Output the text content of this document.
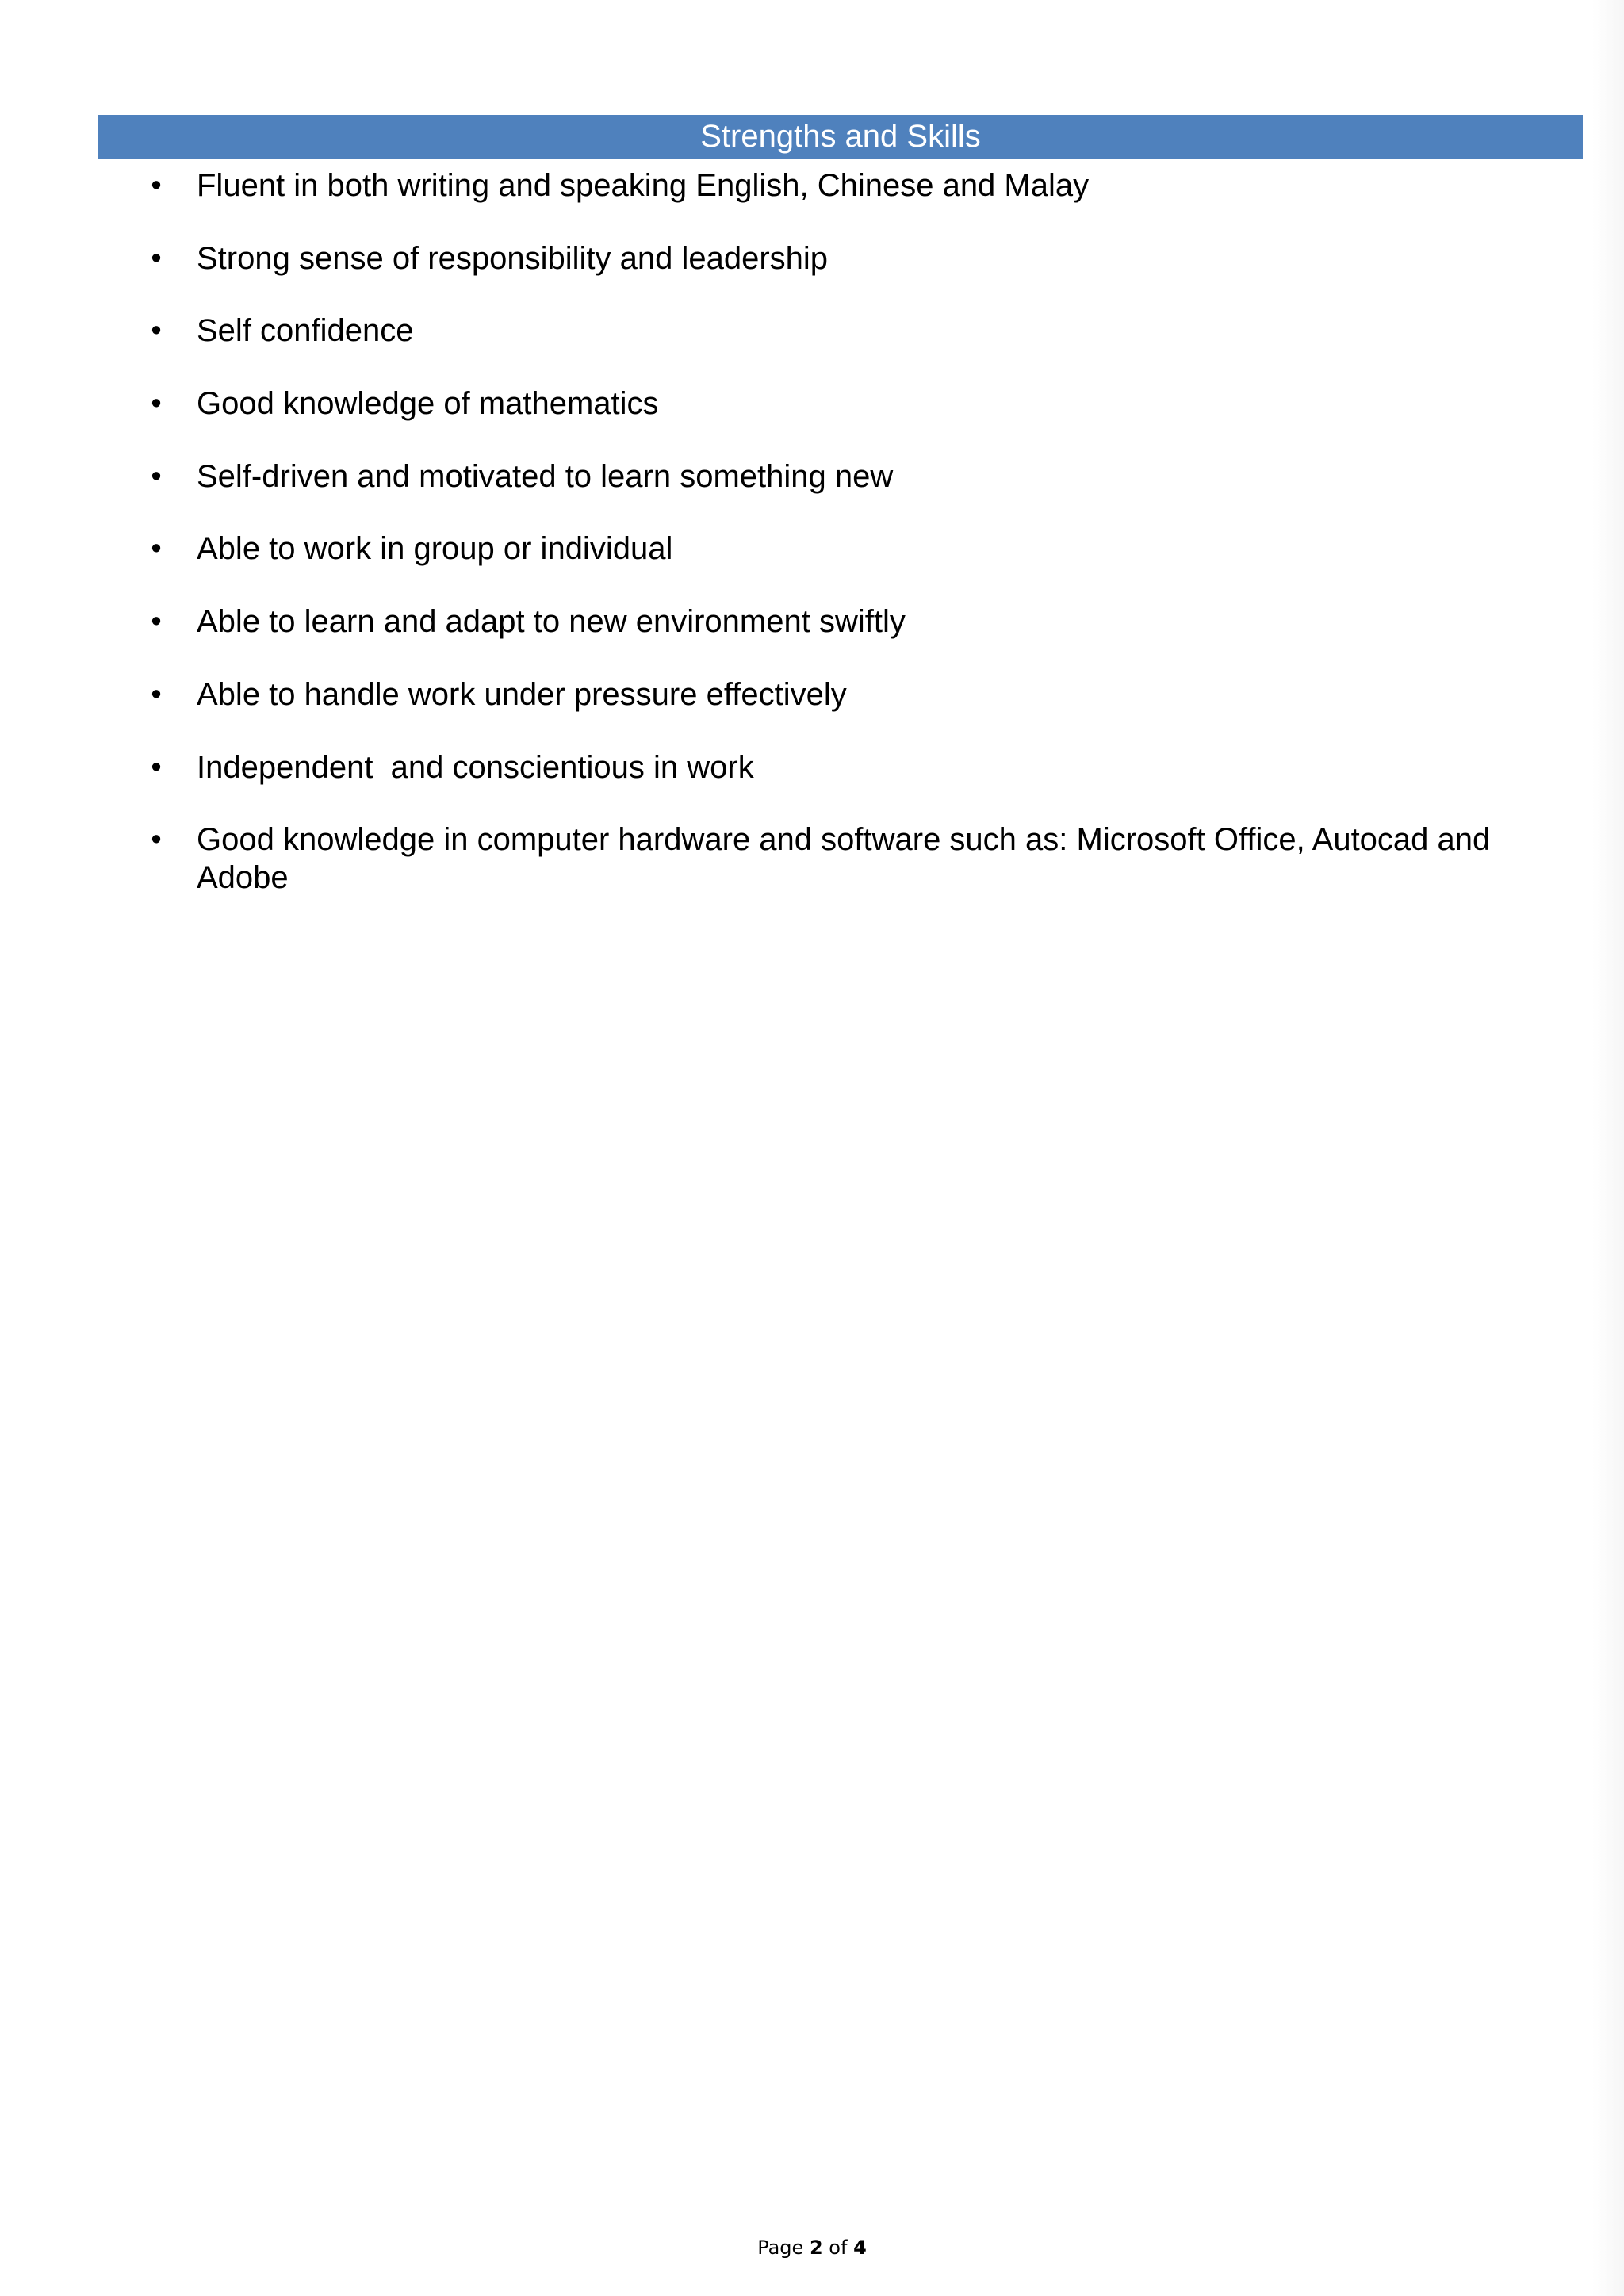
Strengths and Skills
• Fluent in both writing and speaking English, Chinese and Malay
• Strong sense of responsibility and leadership
• Self confidence
• Good knowledge of mathematics
• Self-driven and motivated to learn something new
• Able to work in group or individual
• Able to learn and adapt to new environment swiftly
• Able to handle work under pressure effectively
• Independent  and conscientious in work
• Good knowledge in computer hardware and software such as: Microsoft Office, Autocad and Adobe
Page 2 of 4
